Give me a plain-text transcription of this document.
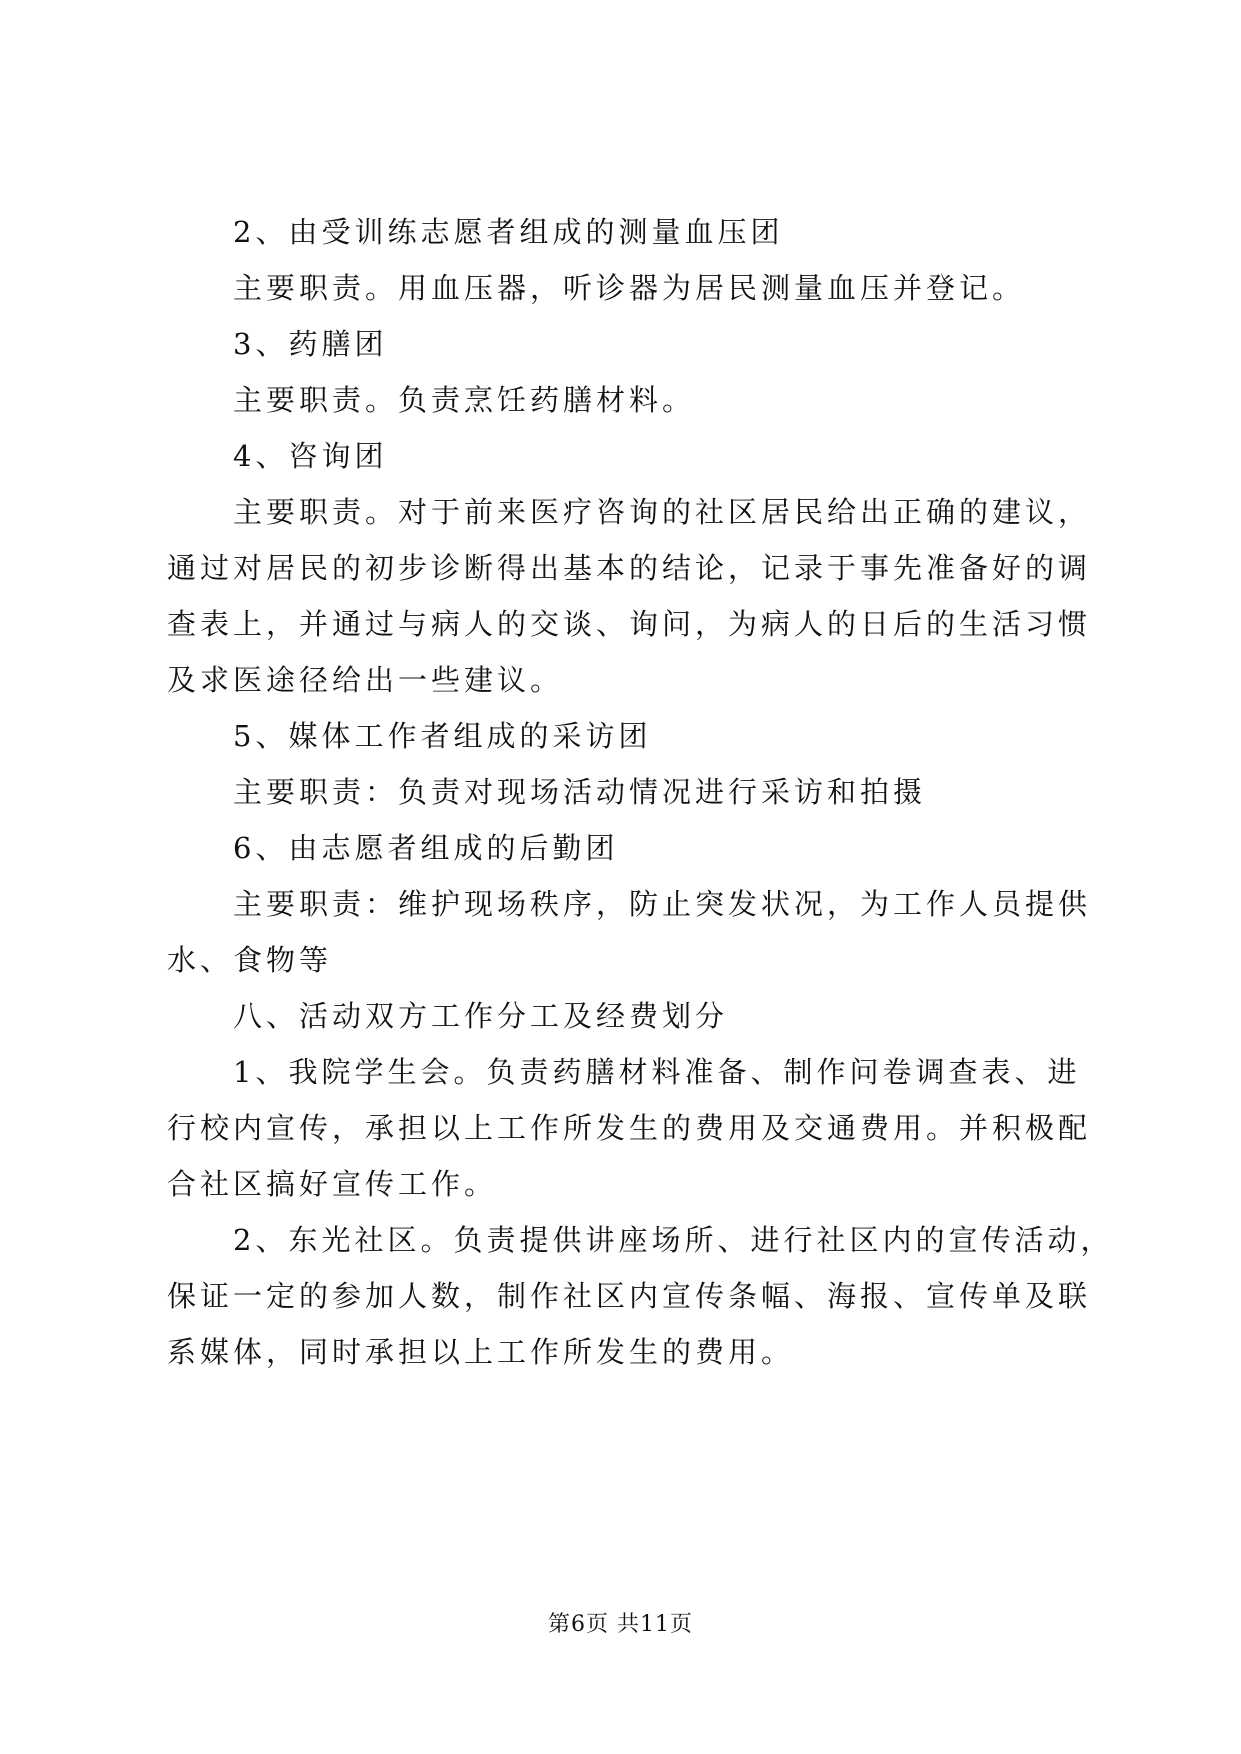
2、由受训练志愿者组成的测量血压团
主要职责。用血压器，听诊器为居民测量血压并登记。
3、药膳团
主要职责。负责烹饪药膳材料。
4、咨询团
主要职责。对于前来医疗咨询的社区居民给出正确的建议，
通过对居民的初步诊断得出基本的结论，记录于事先准备好的调
查表上，并通过与病人的交谈、询问，为病人的日后的生活习惯
及求医途径给出一些建议。
5、媒体工作者组成的采访团
主要职责：负责对现场活动情况进行采访和拍摄
6、由志愿者组成的后勤团
主要职责：维护现场秩序，防止突发状况，为工作人员提供
水、食物等
八、活动双方工作分工及经费划分
1、我院学生会。负责药膳材料准备、制作问卷调查表、进
行校内宣传，承担以上工作所发生的费用及交通费用。并积极配
合社区搞好宣传工作。
2、东光社区。负责提供讲座场所、进行社区内的宣传活动，
保证一定的参加人数，制作社区内宣传条幅、海报、宣传单及联
系媒体，同时承担以上工作所发生的费用。
第6页 共11页
